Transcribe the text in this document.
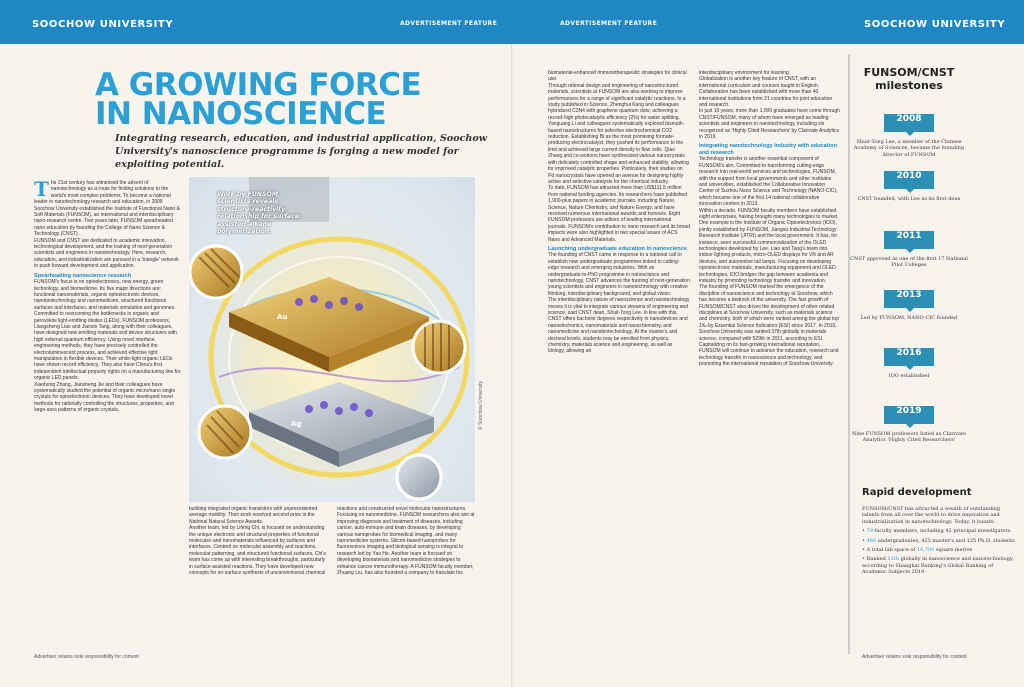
SOOCHOW UNIVERSITY	ADVERTISEMENT FEATURE	ADVERTISEMENT FEATURE	SOOCHOW UNIVERSITY
A GROWING FORCE
IN NANOSCIENCE

Integrating research, education, and industrial application, Soochow University's nanoscience programme is forging a new model for exploiting potential.

T he 21st century has witnessed the advent of nanotechnology as a route for finding solutions to the world's most complex problems. To become a national leader in nanotechnology research and education, in 2008 Soochow University established the Institute of Functional Nano & Soft Materials (FUNSOM), an international and interdisciplinary nano-research centre. Two years later, FUNSOM spearheaded nano education by founding the College of Nano Science & Technology (CNST).

FUNSOM and CNST are dedicated to academic innovation, technological development, and the training of next-generation scientists and engineers in nanotechnology. Here, research, education, and industrialization are pursued in a 'triangle' network to push forward development and application.

Spearheading nanoscience research

FUNSOM's focus is on optoelectronics, new energy, green technology, and biomedicine. Its five major directions are: functional nanomaterials, organic optoelectronic devices, nanobiotechnology and nanomedicine, structured functional surfaces and interfaces, and materials simulation and genomes.

Committed to overcoming the bottlenecks in organic and perovskite light-emitting diodes (LEDs), FUNSOM professors, Liangsheng Liao and Jiansin Tang, along with their colleagues, have designed new emitting materials and device structures with high external quantum efficiency. Using novel interface engineering methods, they have precisely controlled the electroluminescent process, and achieved effective light manipulation in flexible devices. Their white-light organic LEDs have shown record efficiency. They also have China's first independent intellectual property rights on a manufacturing line for organic LED panels.

Xiaohong Zhang, Jiansheng Jie and their colleagues have systematically studied the potential of organic micro/nano single crystals for optoelectronic devices. They have developed novel methods for rationally controlling the structures, properties, and large-area patterns of organic crystals,

Work by FUNSOM scientists reveals structure-reactivity relationship for surface-assisted alkane polymerization.

Au
Ag	© Soochow University

building integrated organic transistors with unprecedented average mobility. Their work received second prize in the National Natural Science Awards.

Another team, led by Lifeng Chi, is focused on understanding the unique electronic and structural properties of functional molecules and nanomaterials influenced by surfaces and interfaces. Centred on molecular assembly and reactions, molecular patterning, and structured functional surfaces, Chi's team has come up with interesting breakthroughs, particularly in surface-assisted reactions. They have developed new concepts for on-surface synthesis of unconventional chemical

reactions and constructed novel molecular nanostructures.

Focusing on nanomedicine, FUNSOM researchers also aim at improving diagnosis and treatment of diseases, including cancer, auto-immune and brain diseases, by developing various nanoprobes for biomedical imaging, and many nanomedicine systems. Silicon-based nanoprobes for fluorescence imaging and biological sensing is integral to research led by Yao He. Another team is focused on developing biomaterials and nanomedicine strategies to enhance cancer immunotherapy. A FUNSOM faculty member, Zhuang Liu, has also founded a company to translate his

biomaterial-enhanced immunotherapeutic strategies for clinical use.

Through rational design and engineering of nanostructured materials, scientists at FUNSOM are also working to improve performances for a range of significant catalytic reactions. In a study published in Science, Zhenghui Kang and colleagues hybridized C3N4 with graphene quantum dots, achieving a record-high photocatalytic efficiency (2%) for water splitting.

Yanguang Li and colleagues systematically explored bismuth-based nanostructures for selective electrochemical CO2 reduction. Establishing Bi as the most promising formate-producing electrocatalyst, they pushed its performance to the limit and achieved large current density in flow cells. Qiao Zhang and co-workers have synthesized various nanocrystals with delicately controlled shape and enhanced stability, allowing for improved catalytic properties. Particularly, their studies on Pd nanocrystals have opened an avenue for designing highly active and selective catalysts for the chemical industry.

To date, FUNSOM has attracted more than US$111.5 million from national funding agencies. Its researchers have published 1,900-plus papers in academic journals, including Nature, Science, Nature Chemistry, and Nature Energy, and have received numerous international awards and honours. Eight FUNSOM professors are editors of leading international journals. FUNSOM's contribution to nano research and its broad impacts were also highlighted in two special issues of ACS Nano and Advanced Materials.

Launching undergraduate education in nanoscience

The founding of CNST came in response to a national call to establish new undergraduate programmes linked to cutting-edge research and emerging industries. With an undergraduate-to-PhD programme in nanoscience and nanotechnology, CNST advances the training of next-generation young scientists and engineers in nanotechnology with creative thinking, interdisciplinary background, and global vision.

The interdisciplinary nature of nanoscience and nanotechnology means it is vital to integrate various streams of engineering and science, said CNST dean, Shuit-Tong Lee. In line with this, CNST offers bachelor degrees respectively in nanodevices and nanoelectronics, nanomaterials and nanochemistry, and nanomedicine and nanobiotechnology. At the master's and doctoral levels, students may be enrolled from physics, chemistry, materials science and engineering, as well as biology, allowing an

interdisciplinary environment for learning.

Globalization is another key feature of CNST, with an international curriculum and courses taught in English. Collaboration has been established with more than 40 international institutions from 21 countries for joint education and research.

In just 10 years, more than 1,000 graduates have come through CNST/FUNSOM, many of whom have emerged as leading scientists and engineers in nanotechnology, including six recognized as 'Highly Cited Researchers' by Clarivate Analytics in 2019.

Integrating nanotechnology industry with education and research

Technology transfer is another essential component of FUNSOM's aim. Committed to transforming cutting-edge research into real-world services and technologies, FUNSOM, with the support from local governments and other institutes and universities, established the Collaborative Innovation Center of Suzhou Nano Science and Technology (NANO-CIC), which became one of the first 14 national collaborative innovation centres in 2013.

Within a decade, FUNSOM faculty members have established eight enterprises, having brought many technologies to market. One example is the Institute of Organic Optoelectronics (IOO), jointly established by FUNSOM, Jiangsu Industrial Technology Research Institute (JITRI) and the local government. It has, for instance, seen successful commercialization of the OLED technologies developed by Lee, Liao and Tang's team into indoor lighting products, micro-OLED displays for VR and AR devices, and automotive tail lamps. Focusing on developing optoelectronic materials, manufacturing equipment and OLED technologies, IOO bridges the gap between academia and industry by promoting technology transfer and innovation.

The founding of FUNSOM marked the emergence of the discipline of nanoscience and technology at Soochow, which has become a bedrock of the university. The fast growth of FUNSOM/CNST also drives the development of other related disciplines at Soochow University, such as materials science and chemistry, both of which were ranked among the global top 1‰ by Essential Science Indicators (ESI) since 2017. In 2019, Soochow University was ranked 37th globally in materials science, compared with 529th in 2011, according to ESI. Capitalizing on its fast-growing international reputation, FUNSOM will continue to advance the education, research and technology transfer in nanoscience and technology, and promoting the international reputation of Soochow University.

FUNSOM/CNST milestones
2008
Shuit-Tong Lee, a member of the Chinese Academy of Sciences, became the founding director of FUNSOM
2010
CNST founded, with Lee as its first dean
2011
CNST approved as one of the first 17 National Pilot Colleges
2013
Led by FUNSOM, NANO-CIC founded
2016
IOO established
2019
Nine FUNSOM professors listed as Clarivate Analytics 'Highly Cited Researchers'
Rapid development

FUNSOM/CNST has attracted a wealth of outstanding talents from all over the world to drive innovation and industrialization in nanotechnology. Today, it boasts:

• 79 faculty members, including 42 principal investigators
• 468 undergraduates, 425 master's and 125 Ph.D. students
• A total lab space of 19,700 square metres
• Ranked 12th globally in nanoscience and nanotechnology, according to Shanghai Ranking's Global Ranking of Academic Subjects 2019
Advertiser retains sole responsibility for content	Advertiser retains sole responsibility for content
